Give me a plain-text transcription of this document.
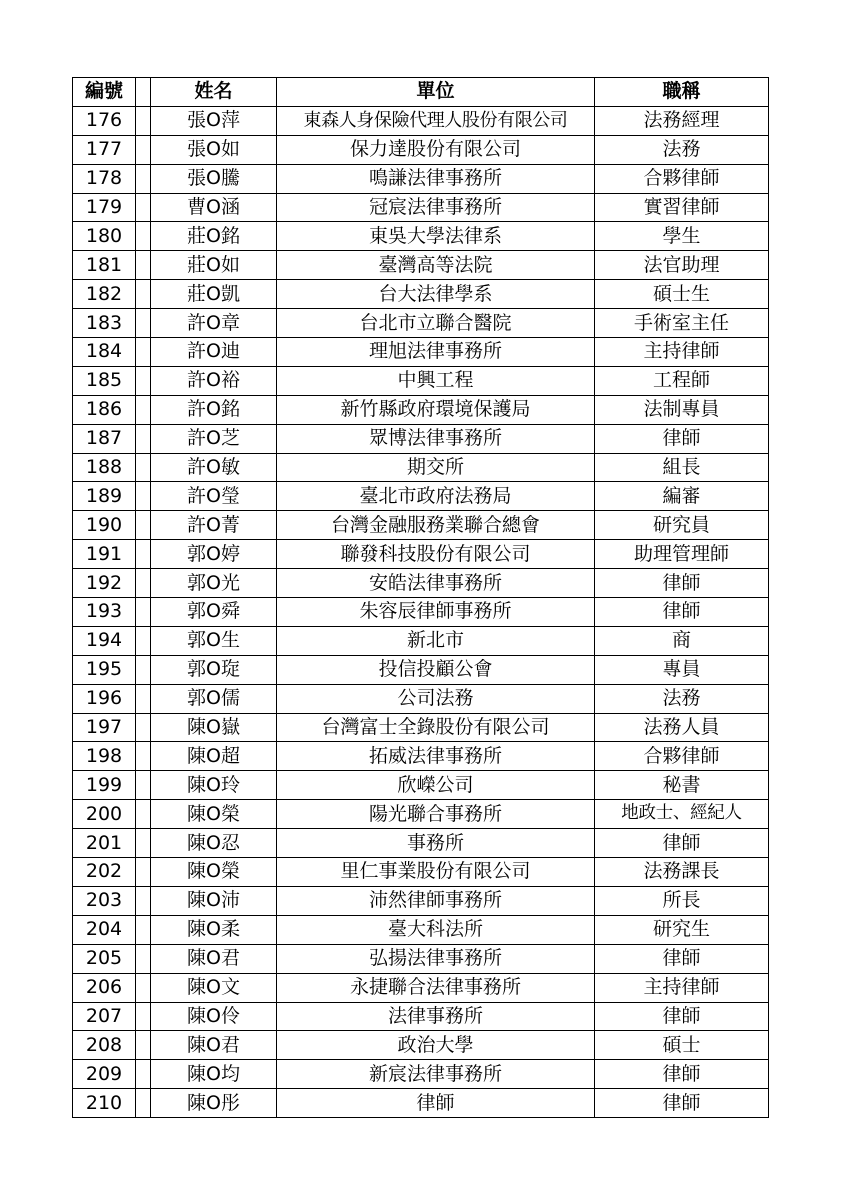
編號		姓名	單位	職稱
176		張O萍	東森人身保險代理人股份有限公司	法務經理
177		張O如	保力達股份有限公司	法務
178		張O騰	鳴謙法律事務所	合夥律師
179		曹O涵	冠宸法律事務所	實習律師
180		莊O銘	東吳大學法律系	學生
181		莊O如	臺灣高等法院	法官助理
182		莊O凱	台大法律學系	碩士生
183		許O章	台北市立聯合醫院	手術室主任
184		許O迪	理旭法律事務所	主持律師
185		許O裕	中興工程	工程師
186		許O銘	新竹縣政府環境保護局	法制專員
187		許O芝	眾博法律事務所	律師
188		許O敏	期交所	組長
189		許O瑩	臺北市政府法務局	編審
190		許O菁	台灣金融服務業聯合總會	研究員
191		郭O婷	聯發科技股份有限公司	助理管理師
192		郭O光	安皓法律事務所	律師
193		郭O舜	朱容辰律師事務所	律師
194		郭O生	新北市	商
195		郭O琁	投信投顧公會	專員
196		郭O儒	公司法務	法務
197		陳O嶽	台灣富士全錄股份有限公司	法務人員
198		陳O超	拓威法律事務所	合夥律師
199		陳O玲	欣嶸公司	秘書
200		陳O榮	陽光聯合事務所	地政士、經紀人
201		陳O忍	事務所	律師
202		陳O榮	里仁事業股份有限公司	法務課長
203		陳O沛	沛然律師事務所	所長
204		陳O柔	臺大科法所	研究生
205		陳O君	弘揚法律事務所	律師
206		陳O文	永捷聯合法律事務所	主持律師
207		陳O伶	法律事務所	律師
208		陳O君	政治大學	碩士
209		陳O均	新宸法律事務所	律師
210		陳O彤	律師	律師
